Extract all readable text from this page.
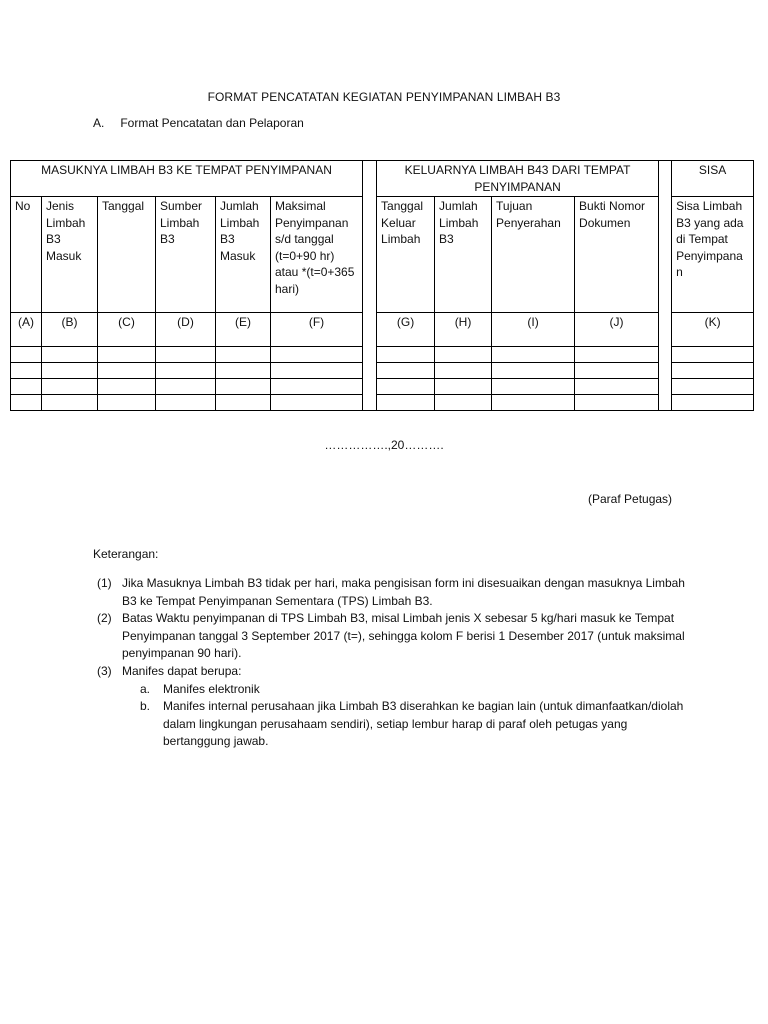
FORMAT PENCATATAN KEGIATAN PENYIMPANAN LIMBAH B3
A. Format Pencatatan dan Pelaporan
MASUKNYA LIMBAH B3 KE TEMPAT PENYIMPANAN							KELUARNYA LIMBAH B43 DARI TEMPAT PENYIMPANAN					SISA
No	Jenis Limbah B3 Masuk	Tanggal	Sumber Limbah B3	Jumlah Limbah B3 Masuk	Maksimal Penyimpanan s/d tanggal (t=0+90 hr) atau *(t=0+365 hari)		Tanggal Keluar Limbah	Jumlah Limbah B3	Tujuan Penyerahan	Bukti Nomor Dokumen		Sisa Limbah B3 yang ada di Tempat Penyimpanan
(A)	(B)	(C)	(D)	(E)	(F)		(G)	(H)	(I)	(J)		(K)

…………….,20……….
(Paraf Petugas)
Keterangan:
(1) Jika Masuknya Limbah B3 tidak per hari, maka pengisisan form ini disesuaikan dengan masuknya Limbah B3 ke Tempat Penyimpanan Sementara (TPS) Limbah B3.
(2) Batas Waktu penyimpanan di TPS Limbah B3, misal Limbah jenis X sebesar 5 kg/hari masuk ke Tempat Penyimpanan tanggal 3 September 2017 (t=), sehingga kolom F berisi 1 Desember 2017 (untuk maksimal penyimpanan 90 hari).
(3) Manifes dapat berupa:
a.	Manifes elektronik
b.	Manifes internal perusahaan jika Limbah B3 diserahkan ke bagian lain (untuk dimanfaatkan/diolah dalam lingkungan perusahaam sendiri), setiap lembur harap di paraf oleh petugas yang bertanggung jawab.
